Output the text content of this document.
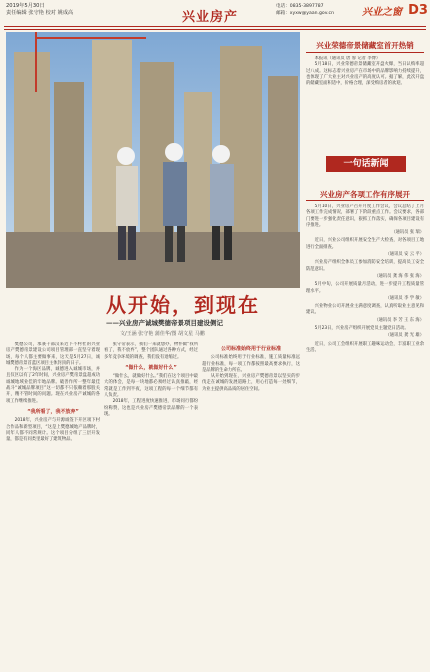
2019年5月30日
责任编辑 张守艳 校对 姚成高	兴业房产
电话：0835-3897787
邮箱：xyxw@yaan.gov.cn	兴业之窗 D3
从开始，到现在
——兴业房产诚城樊德帝景项目建设侧记
文/王涵 张守艳 蒲佳华/图 胡文星 马鹏

樊德公司，承袭干部汉来近下不村社的兴业房产樊德帝景建设公司项目管理部一直坚守着现场，每个人都主要做事来，这天是5月27日，诚城樊德帝景首蓝区项目主体封顶的日子。

作为一个海区品牌，诚德进入诚城市场，并且仅区以有了2年时间，兴业房产樊帝景盘超成功诚城地域业佳的牢地品牌。破善作所一整年最佳战斗“诚城品牌项目”这一切都不只依赖着那股关开，精不管时间的问题。现在兴业房产诚城的各项工作继续推进。

“我所看了，我不放弃”

2018年，兴业房产与开源诚签下开区项下村合作品和新型项目，“这是上樊德城地产品牌时，同年人都不同常规计。这个项目分组了三层开发量，都是有同类里最好了建筑物品。

张守帝表示，我们一来就想办，物件做“我所看了，我不放弃”，整个团队通过各种方式，经过多年竞争环境的调查，我们没有退缩过。

“做什么，就做好什么”

“做什么，就做好什么。”我们在这个项目中最大的体会，是每一块地都必须经过认真推敲，经常就是工作到半夜，这项工程的每一个细节都有人负责。

2018年，工程进度快速推进，市场同行都纷纷称赞，这也是兴业房产樊德帝景品牌的一个表现。

公司标准始终用于行业标准

公司标准始终用于行业标准，施工质量标准远超行业标准，每一项工作都按照最高要求执行，这是品牌的生命力所在。

从开始到现在，兴业房产樊德帝景以坚实的步伐走在诚城的发展道路上，用心打造每一处细节，为业主提供高品质的居住空间。

兴业荣德帝景储藏室首开热销

本报讯（通讯员 唐 蓉 记者 李博）

5月18日，兴业荣德帝景储藏室开盘火爆，当日认购率超过八成。这标志着兴业房产在市场中的品牌影响力持续提升，也体现了广大业主对兴业房产的高度认可。据了解，此次开盘的储藏室面积适中，价格合理，深受购房者的欢迎。

一句话新闻
兴业房产各项工作有序展开

5月10日，兴业房产召开月度工作会议，会议总结了上月各项工作完成情况，部署了下阶段重点工作。会议要求，各部门要进一步强化责任意识，狠抓工作落实，确保各项目建设有序推进。

（通讯员 张 瑞）

近日，兴业公司组织开展安全生产大检查，对各项目工地进行全面排查。

（通讯员 安 云 平）

兴业房产组织全体员工参加消防安全培训，提高员工安全防范意识。

（通讯员 龚 海 伟 张 海）

5月中旬，公司开展质量月活动，进一步提升工程质量管理水平。

（通讯员 李 学 敏）

兴业物业公司开展业主满意度调查，认真听取业主意见和建议。

（通讯员 李 芳 王 东 海）

5月23日，兴业房产组织开展党员主题党日活动。

（通讯员 龚 光 雄）

近日，公司工会组织开展职工趣味运动会，丰富职工业余生活。
